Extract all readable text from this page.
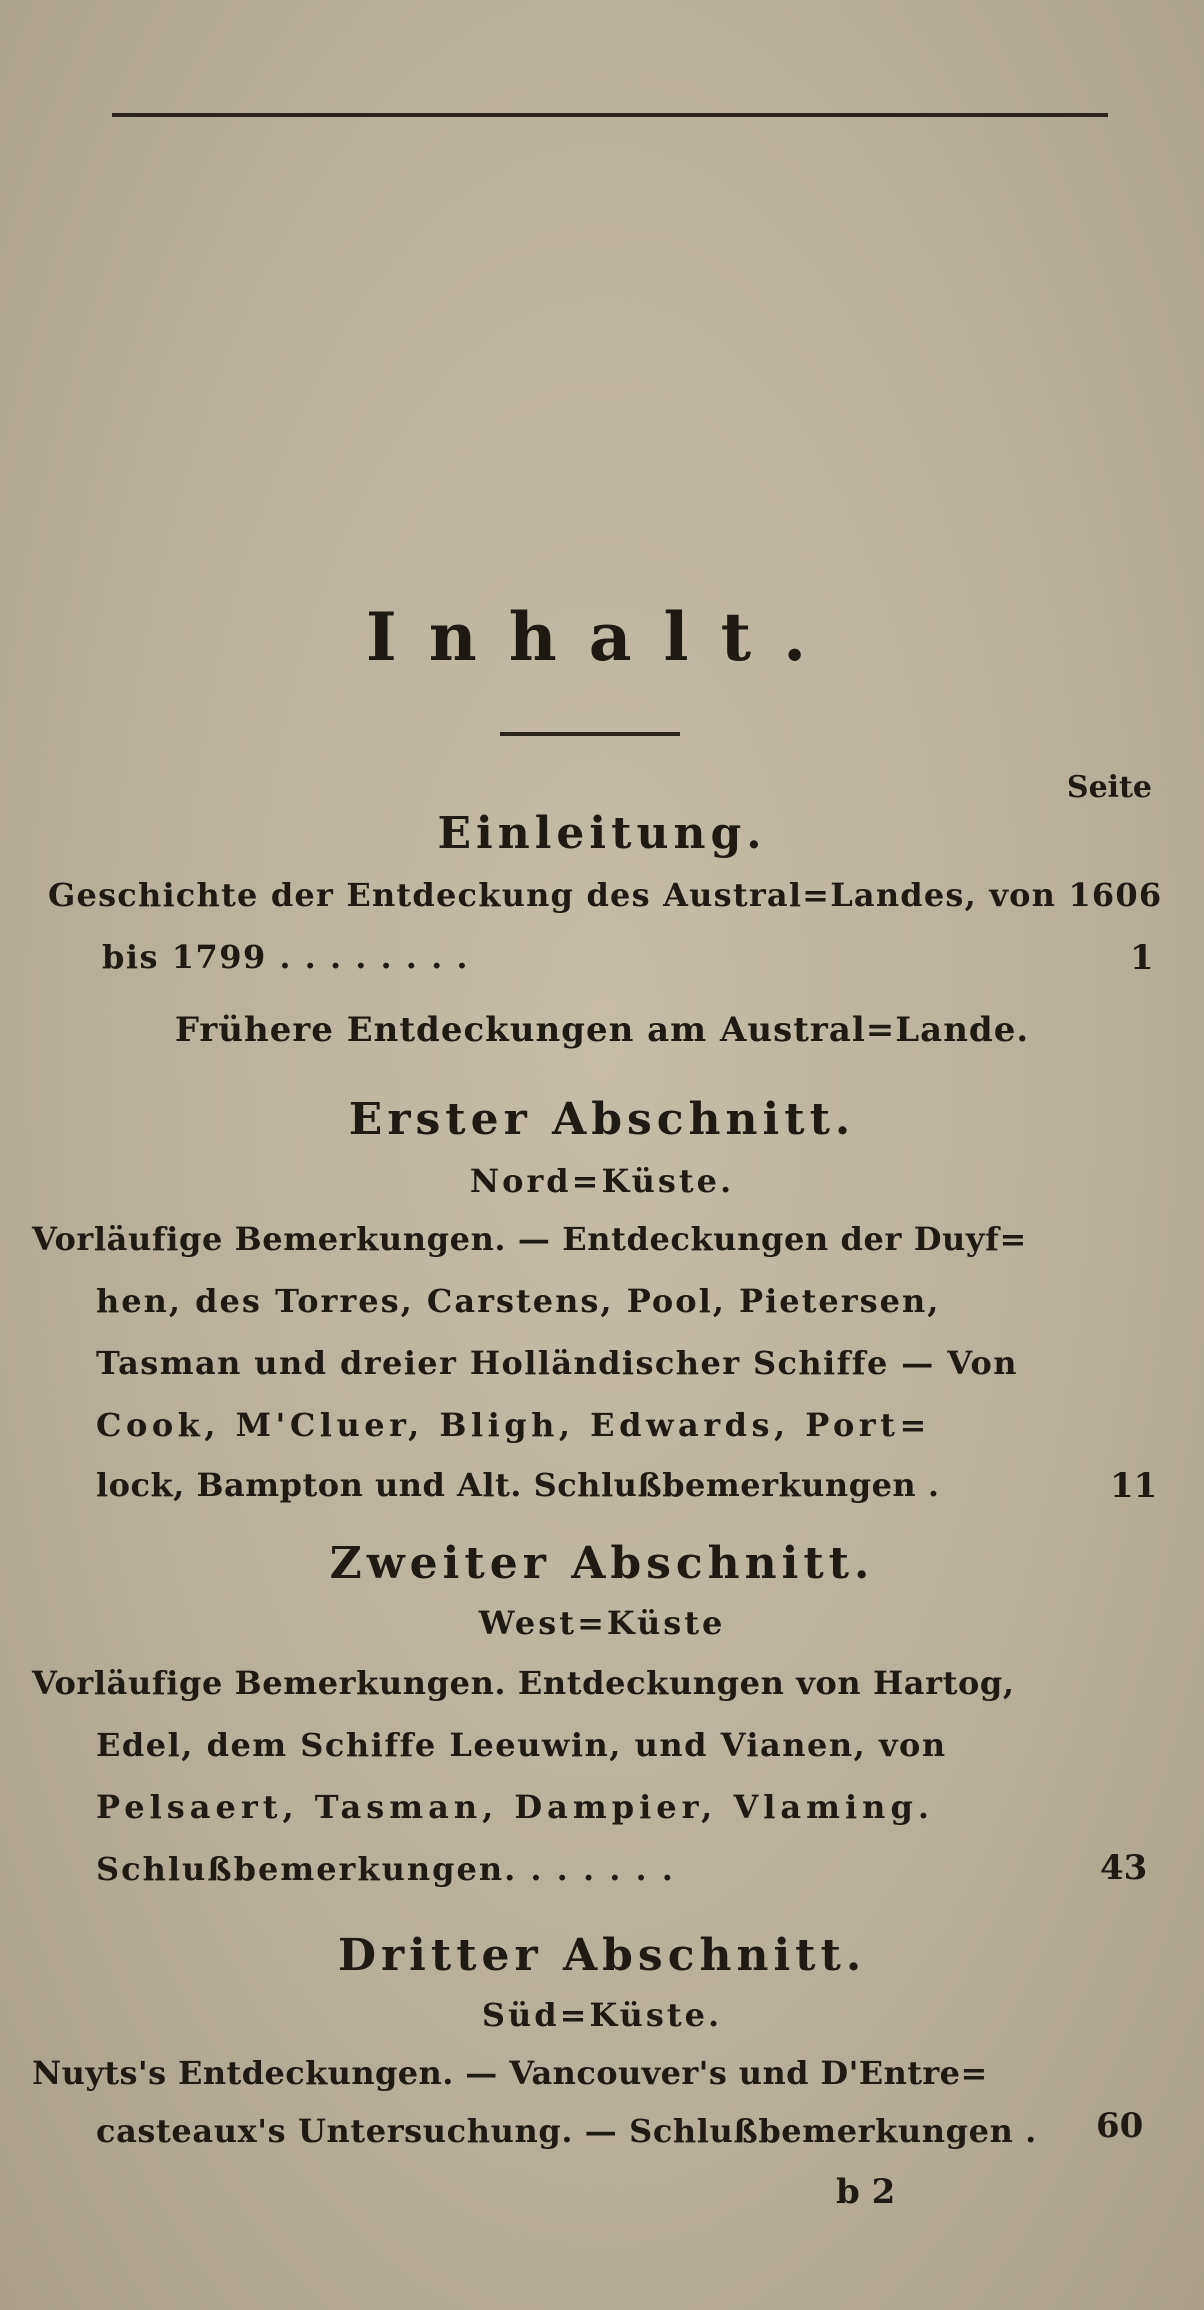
Inhalt.
Seite
Einleitung.
Geschichte der Entdeckung des Austral=Landes, von 1606
bis 1799 . . . . . . . .	1
Frühere Entdeckungen am Austral=Lande.
Erster Abschnitt.
Nord=Küste.
Vorläufige Bemerkungen. — Entdeckungen der Duyf=
hen, des Torres, Carstens, Pool, Pietersen,
Tasman und dreier Holländischer Schiffe — Von
Cook, M'Cluer, Bligh, Edwards, Port=
lock, Bampton und Alt. Schlußbemerkungen .	11
Zweiter Abschnitt.
West=Küste
Vorläufige Bemerkungen. Entdeckungen von Hartog,
Edel, dem Schiffe Leeuwin, und Vianen, von
Pelsaert, Tasman, Dampier, Vlaming.
Schlußbemerkungen. . . . . . .	43
Dritter Abschnitt.
Süd=Küste.
Nuyts's Entdeckungen. — Vancouver's und D'Entre=
casteaux's Untersuchung. — Schlußbemerkungen . 60
b 2
